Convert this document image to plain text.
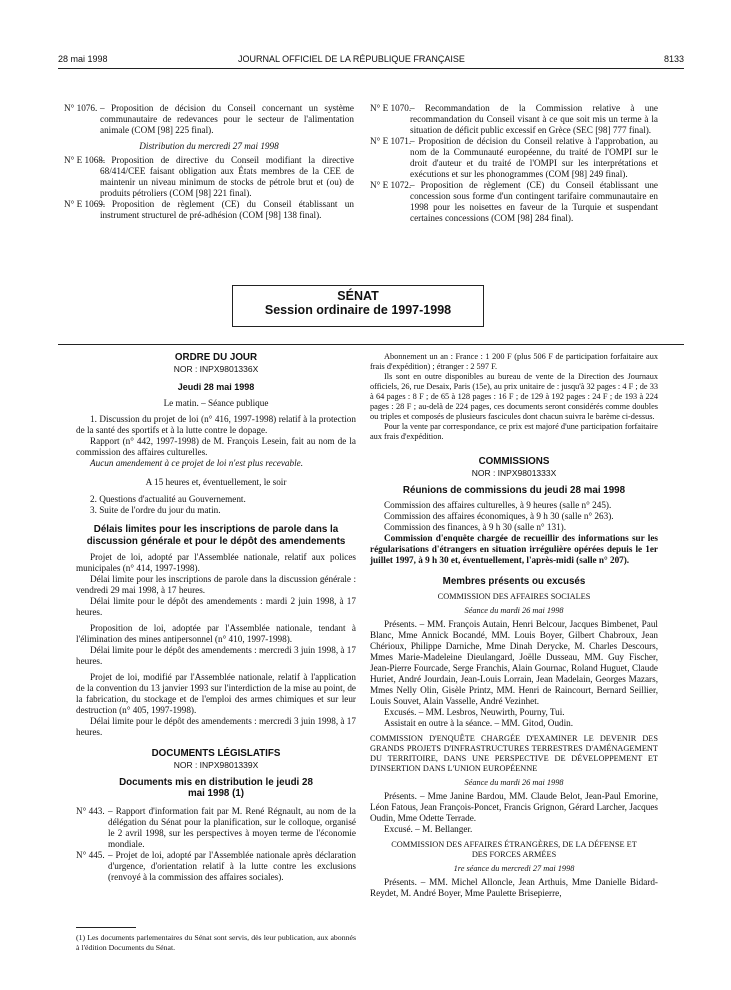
28 mai 1998	JOURNAL OFFICIEL DE LA RÉPUBLIQUE FRANÇAISE	8133
N° 1076. – Proposition de décision du Conseil concernant un système communautaire de redevances pour le secteur de l'alimentation animale (COM [98] 225 final).

Distribution du mercredi 27 mai 1998

N° E 1068.
– Proposition de directive du Conseil modifiant la directive 68/414/CEE faisant obligation aux États membres de la CEE de maintenir un niveau minimum de stocks de pétrole brut et (ou) de produits pétroliers (COM [98] 221 final).
N° E 1069.
– Proposition de règlement (CE) du Conseil établissant un instrument structurel de pré-adhésion (COM [98] 138 final).
N° E 1070.
– Recommandation de la Commission relative à une recommandation du Conseil visant à ce que soit mis un terme à la situation de déficit public excessif en Grèce (SEC [98] 777 final).
N° E 1071.
– Proposition de décision du Conseil relative à l'approbation, au nom de la Communauté européenne, du traité de l'OMPI sur le droit d'auteur et du traité de l'OMPI sur les interprétations et exécutions et sur les phonogrammes (COM [98] 249 final).
N° E 1072.
– Proposition de règlement (CE) du Conseil établissant une concession sous forme d'un contingent tarifaire communautaire en 1998 pour les noisettes en faveur de la Turquie et suspendant certaines concessions (COM [98] 284 final).
SÉNAT
Session ordinaire de 1997-1998

ORDRE DU JOUR

NOR : INPX9801336X

Jeudi 28 mai 1998

Le matin. – Séance publique

1. Discussion du projet de loi (n° 416, 1997-1998) relatif à la protection de la santé des sportifs et à la lutte contre le dopage.

Rapport (n° 442, 1997-1998) de M. François Lesein, fait au nom de la commission des affaires culturelles.

Aucun amendement à ce projet de loi n'est plus recevable.

A 15 heures et, éventuellement, le soir

2. Questions d'actualité au Gouvernement.

3. Suite de l'ordre du jour du matin.

Délais limites pour les inscriptions de parole dans la discussion générale et pour le dépôt des amendements

Projet de loi, adopté par l'Assemblée nationale, relatif aux polices municipales (n° 414, 1997-1998).

Délai limite pour les inscriptions de parole dans la discussion générale : vendredi 29 mai 1998, à 17 heures.

Délai limite pour le dépôt des amendements : mardi 2 juin 1998, à 17 heures.

Proposition de loi, adoptée par l'Assemblée nationale, tendant à l'élimination des mines antipersonnel (n° 410, 1997-1998).

Délai limite pour le dépôt des amendements : mercredi 3 juin 1998, à 17 heures.

Projet de loi, modifié par l'Assemblée nationale, relatif à l'application de la convention du 13 janvier 1993 sur l'interdiction de la mise au point, de la fabrication, du stockage et de l'emploi des armes chimiques et sur leur destruction (n° 405, 1997-1998).

Délai limite pour le dépôt des amendements : mercredi 3 juin 1998, à 17 heures.

DOCUMENTS LÉGISLATIFS

NOR : INPX9801339X

Documents mis en distribution le jeudi 28 mai 1998 (1)

N° 443. – Rapport d'information fait par M. René Régnault, au nom de la délégation du Sénat pour la planification, sur le colloque, organisé le 2 avril 1998, sur les perspectives à moyen terme de l'économie mondiale.
N° 445. – Projet de loi, adopté par l'Assemblée nationale après déclaration d'urgence, d'orientation relatif à la lutte contre les exclusions (renvoyé à la commission des affaires sociales).

(1) Les documents parlementaires du Sénat sont servis, dès leur publication, aux abonnés à l'édition Documents du Sénat.

Abonnement un an : France : 1 200 F (plus 506 F de participation forfaitaire aux frais d'expédition) ; étranger : 2 597 F.

Ils sont en outre disponibles au bureau de vente de la Direction des Journaux officiels, 26, rue Desaix, Paris (15e), au prix unitaire de : jusqu'à 32 pages : 4 F ; de 33 à 64 pages : 8 F ; de 65 à 128 pages : 16 F ; de 129 à 192 pages : 24 F ; de 193 à 224 pages : 28 F ; au-delà de 224 pages, ces documents seront considérés comme doubles ou triples et composés de plusieurs fascicules dont chacun suivra le barème ci-dessus.

Pour la vente par correspondance, ce prix est majoré d'une participation forfaitaire aux frais d'expédition.

COMMISSIONS

NOR : INPX9801333X

Réunions de commissions du jeudi 28 mai 1998

Commission des affaires culturelles, à 9 heures (salle n° 245).

Commission des affaires économiques, à 9 h 30 (salle n° 263).

Commission des finances, à 9 h 30 (salle n° 131).

Commission d'enquête chargée de recueillir des informations sur les régularisations d'étrangers en situation irrégulière opérées depuis le 1er juillet 1997, à 9 h 30 et, éventuellement, l'après-midi (salle n° 207).

Membres présents ou excusés

COMMISSION DES AFFAIRES SOCIALES

Séance du mardi 26 mai 1998

Présents. – MM. François Autain, Henri Belcour, Jacques Bimbenet, Paul Blanc, Mme Annick Bocandé, MM. Louis Boyer, Gilbert Chabroux, Jean Chérioux, Philippe Darniche, Mme Dinah Derycke, M. Charles Descours, Mmes Marie-Madeleine Dieulangard, Joëlle Dusseau, MM. Guy Fischer, Jean-Pierre Fourcade, Serge Franchis, Alain Gournac, Roland Huguet, Claude Huriet, André Jourdain, Jean-Louis Lorrain, Jean Madelain, Georges Mazars, Mmes Nelly Olin, Gisèle Printz, MM. Henri de Raincourt, Bernard Seillier, Louis Souvet, Alain Vasselle, André Vezinhet.

Excusés. – MM. Lesbros, Neuwirth, Pourny, Tui.

Assistait en outre à la séance. – MM. Gitod, Oudin.

COMMISSION D'ENQUÊTE CHARGÉE D'EXAMINER LE DEVENIR DES GRANDS PROJETS D'INFRASTRUCTURES TERRESTRES D'AMÉNAGEMENT DU TERRITOIRE, DANS UNE PERSPECTIVE DE DÉVELOPPEMENT ET D'INSERTION DANS L'UNION EUROPÉENNE

Séance du mardi 26 mai 1998

Présents. – Mme Janine Bardou, MM. Claude Belot, Jean-Paul Emorine, Léon Fatous, Jean François-Poncet, Francis Grignon, Gérard Larcher, Jacques Oudin, Mme Odette Terrade.

Excusé. – M. Bellanger.

COMMISSION DES AFFAIRES ÉTRANGÈRES, DE LA DÉFENSE ET DES FORCES ARMÉES

1re séance du mercredi 27 mai 1998

Présents. – MM. Michel Alloncle, Jean Arthuis, Mme Danielle Bidard-Reydet, M. André Boyer, Mme Paulette Brisepierre,
